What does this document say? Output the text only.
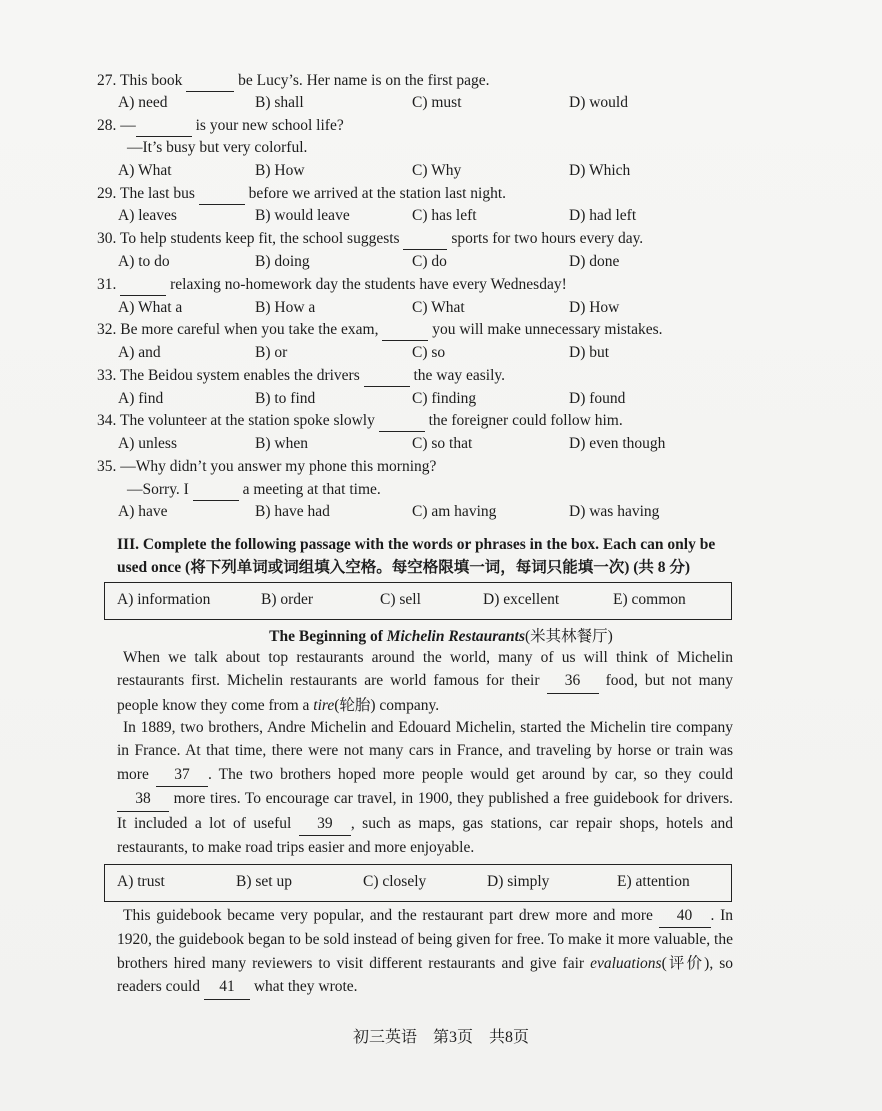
27. This book	be Lucy’s. Her name is on the first page.
A) need	B) shall	C) must	D) would
28. —	is your new school life?
—It’s busy but very colorful.
A) What	B) How	C) Why	D) Which
29. The last bus	before we arrived at the station last night.
A) leaves	B) would leave	C) has left	D) had left
30. To help students keep fit, the school suggests	sports for two hours every day.
A) to do	B) doing	C) do	D) done
31.	relaxing no-homework day the students have every Wednesday!
A) What a	B) How a	C) What	D) How
32. Be more careful when you take the exam,	you will make unnecessary mistakes.
A) and	B) or	C) so	D) but
33. The Beidou system enables the drivers	the way easily.
A) find	B) to find	C) finding	D) found
34. The volunteer at the station spoke slowly	the foreigner could follow him.
A) unless	B) when	C) so that	D) even though
35. —Why didn’t you answer my phone this morning?
—Sorry. I	a meeting at that time.
A) have	B) have had	C) am having	D) was having
III. Complete the following passage with the words or phrases in the box. Each can only be
used once (将下列单词或词组填入空格。每空格限填一词，每词只能填一次) (共 8 分)
A) information	B) order	C) sell	D) excellent	E) common
The Beginning of Michelin Restaurants(米其林餐厅)
When we talk about top restaurants around the world, many of us will think of Michelin restaurants first. Michelin restaurants are world famous for their 36 food, but not many people know they come from a tire(轮胎) company.
In 1889, two brothers, Andre Michelin and Edouard Michelin, started the Michelin tire company in France. At that time, there were not many cars in France, and traveling by horse or train was more 37 . The two brothers hoped more people would get around by car, so they could 38 more tires. To encourage car travel, in 1900, they published a free guidebook for drivers. It included a lot of useful 39 , such as maps, gas stations, car repair shops, hotels and restaurants, to make road trips easier and more enjoyable.
A) trust	B) set up	C) closely	D) simply	E) attention
This guidebook became very popular, and the restaurant part drew more and more 40 . In 1920, the guidebook began to be sold instead of being given for free. To make it more valuable, the brothers hired many reviewers to visit different restaurants and give fair evaluations(评价), so readers could 41 what they wrote.
初三英语 第3页 共8页
